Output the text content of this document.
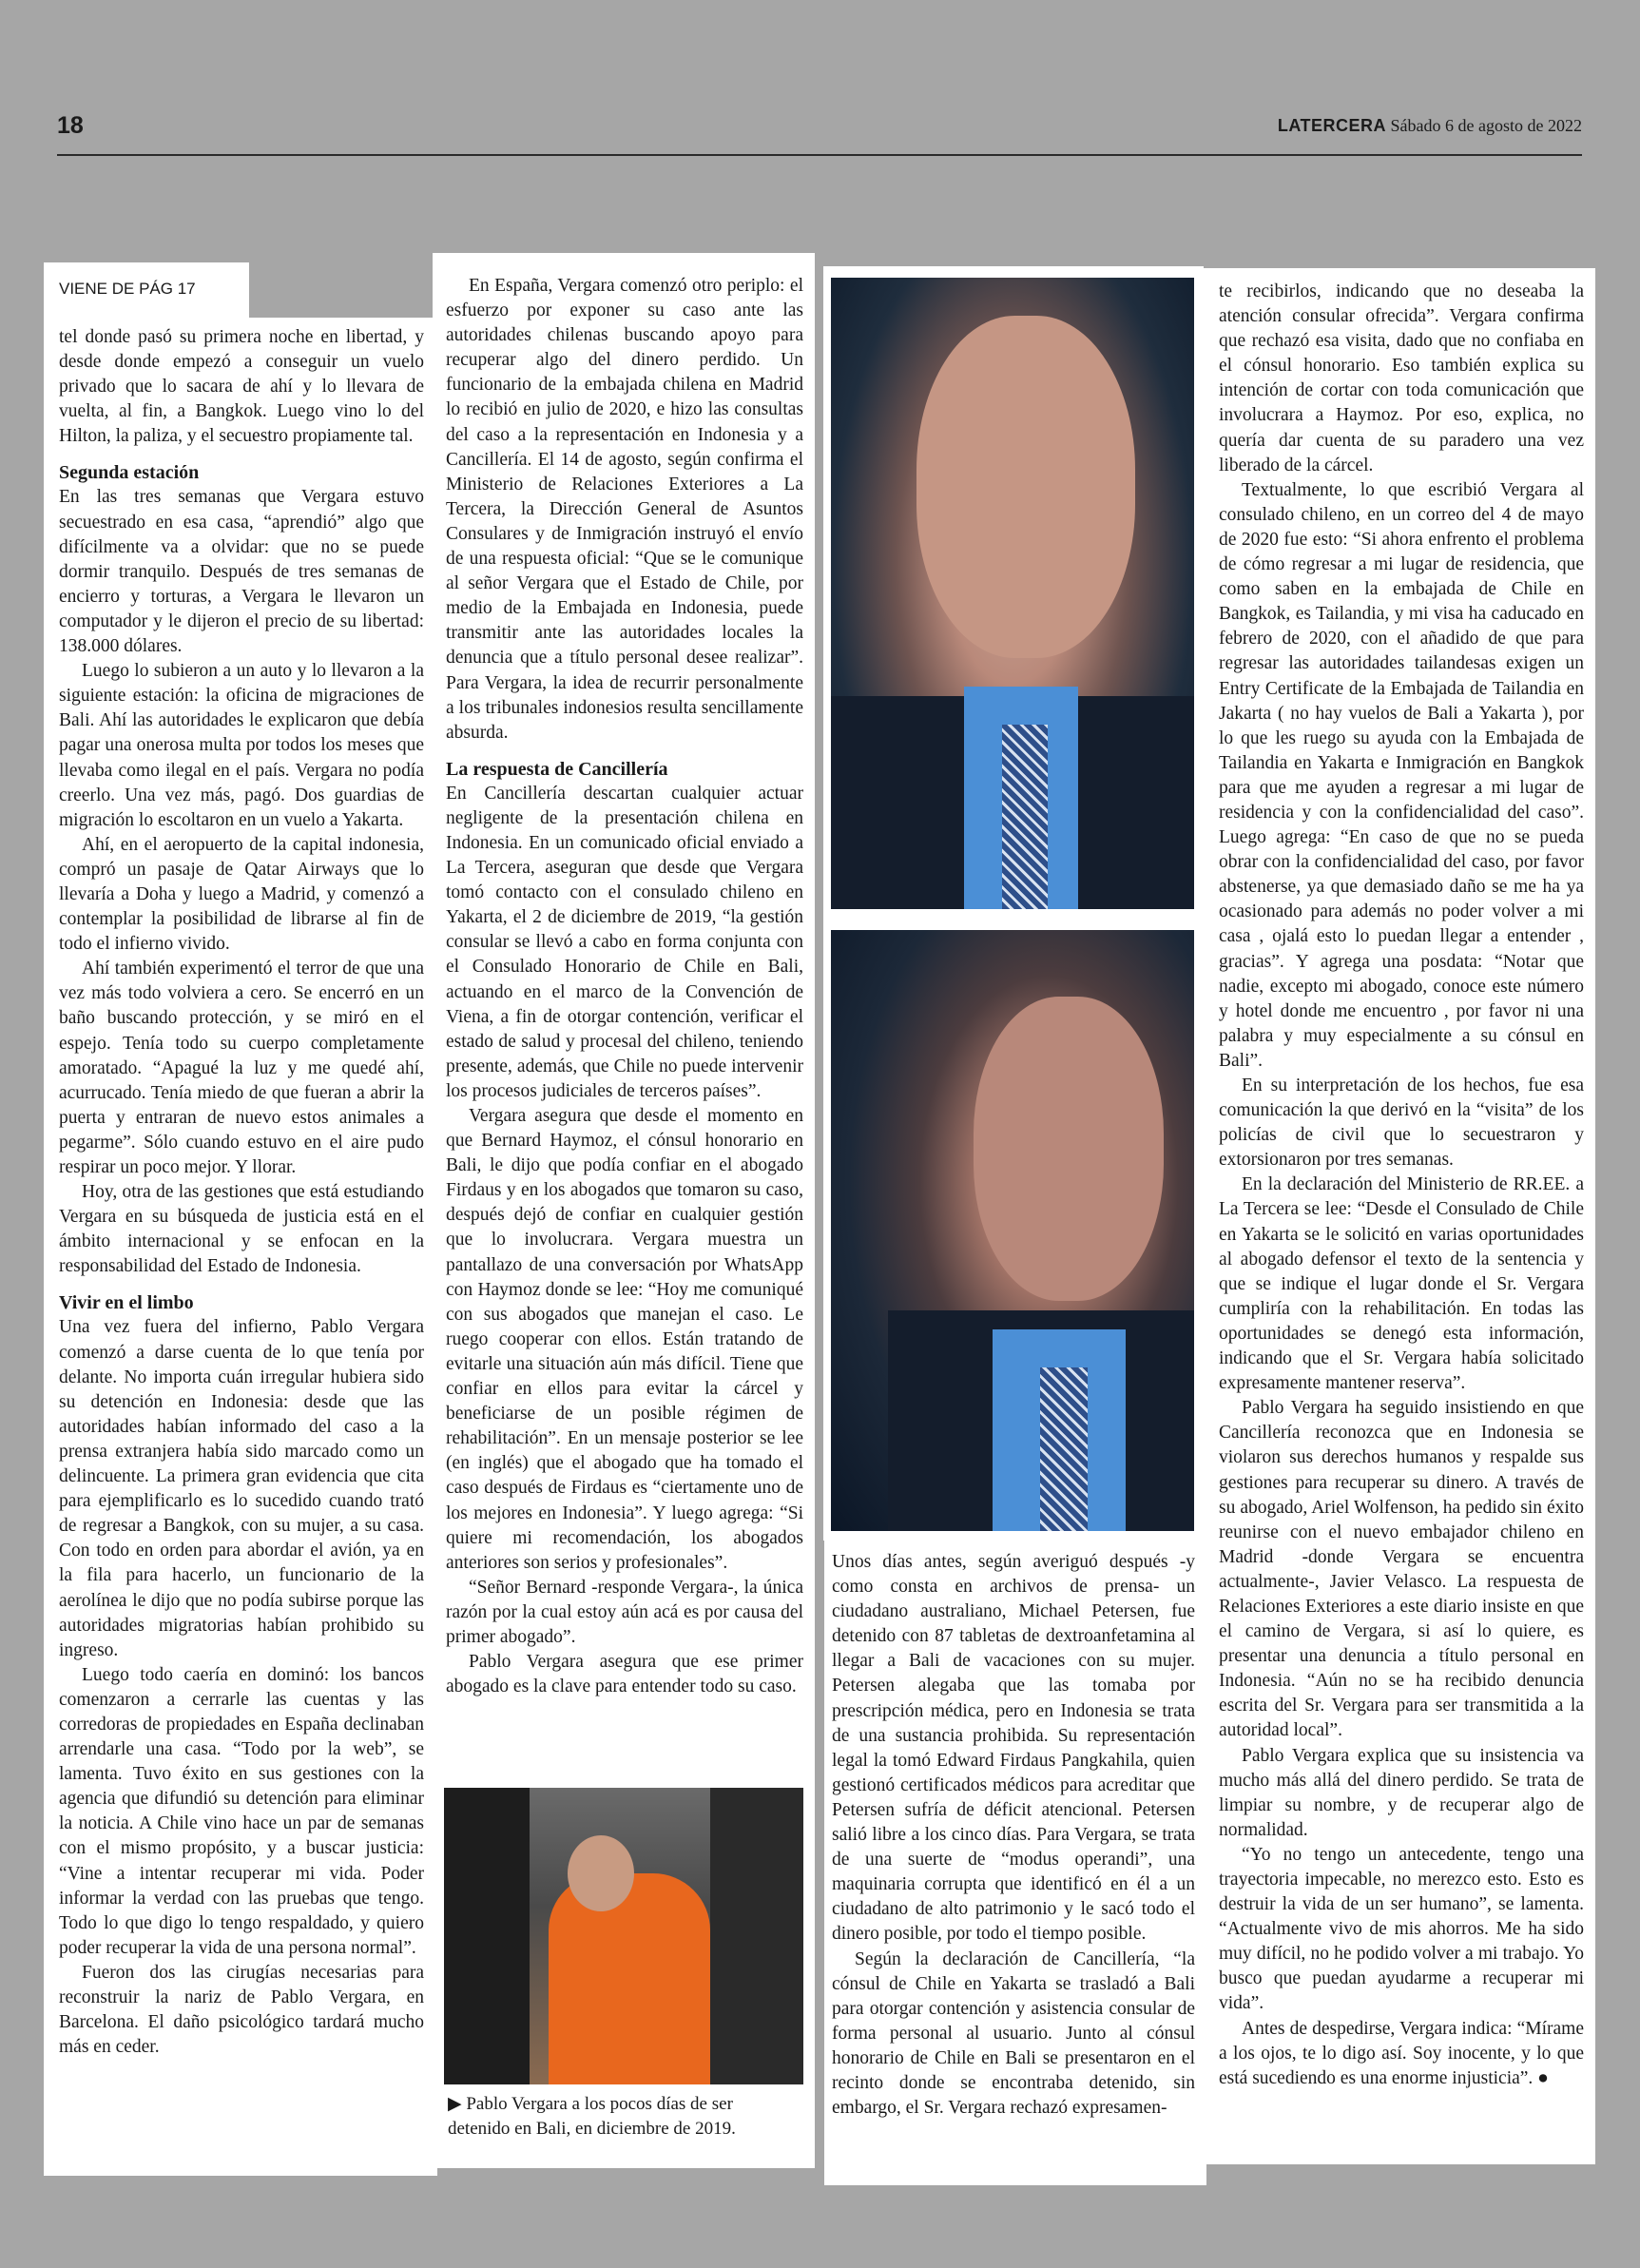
18	LATERCERA Sábado 6 de agosto de 2022

tel donde pasó su primera noche en libertad, y desde donde empezó a conseguir un vuelo privado que lo sacara de ahí y lo llevara de vuelta, al fin, a Bangkok. Luego vino lo del Hilton, la paliza, y el secuestro propiamente tal.

Segunda estación

En las tres semanas que Vergara estuvo secuestrado en esa casa, “aprendió” algo que difícilmente va a olvidar: que no se puede dormir tranquilo. Después de tres semanas de encierro y torturas, a Vergara le llevaron un computador y le dijeron el precio de su libertad: 138.000 dólares.

Luego lo subieron a un auto y lo llevaron a la siguiente estación: la oficina de migraciones de Bali. Ahí las autoridades le explicaron que debía pagar una onerosa multa por todos los meses que llevaba como ilegal en el país. Vergara no podía creerlo. Una vez más, pagó. Dos guardias de migración lo escoltaron en un vuelo a Yakarta.

Ahí, en el aeropuerto de la capital indonesia, compró un pasaje de Qatar Airways que lo llevaría a Doha y luego a Madrid, y comenzó a contemplar la posibilidad de librarse al fin de todo el infierno vivido.

Ahí también experimentó el terror de que una vez más todo volviera a cero. Se encerró en un baño buscando protección, y se miró en el espejo. Tenía todo su cuerpo completamente amoratado. “Apagué la luz y me quedé ahí, acurrucado. Tenía miedo de que fueran a abrir la puerta y entraran de nuevo estos animales a pegarme”. Sólo cuando estuvo en el aire pudo respirar un poco mejor. Y llorar.

Hoy, otra de las gestiones que está estudiando Vergara en su búsqueda de justicia está en el ámbito internacional y se enfocan en la responsabilidad del Estado de Indonesia.

Vivir en el limbo

Una vez fuera del infierno, Pablo Vergara comenzó a darse cuenta de lo que tenía por delante. No importa cuán irregular hubiera sido su detención en Indonesia: desde que las autoridades habían informado del caso a la prensa extranjera había sido marcado como un delincuente. La primera gran evidencia que cita para ejemplificarlo es lo sucedido cuando trató de regresar a Bangkok, con su mujer, a su casa. Con todo en orden para abordar el avión, ya en la fila para hacerlo, un funcionario de la aerolínea le dijo que no podía subirse porque las autoridades migratorias habían prohibido su ingreso.

Luego todo caería en dominó: los bancos comenzaron a cerrarle las cuentas y las corredoras de propiedades en España declinaban arrendarle una casa. “Todo por la web”, se lamenta. Tuvo éxito en sus gestiones con la agencia que difundió su detención para eliminar la noticia. A Chile vino hace un par de semanas con el mismo propósito, y a buscar justicia: “Vine a intentar recuperar mi vida. Poder informar la verdad con las pruebas que tengo. Todo lo que digo lo tengo respaldado, y quiero poder recuperar la vida de una persona normal”.

Fueron dos las cirugías necesarias para reconstruir la nariz de Pablo Vergara, en Barcelona. El daño psicológico tardará mucho más en ceder.

VIENE DE PÁG 17	En España, Vergara comenzó otro periplo: el esfuerzo por exponer su caso ante las autoridades chilenas buscando apoyo para recuperar algo del dinero perdido. Un funcionario de la embajada chilena en Madrid lo recibió en julio de 2020, e hizo las consultas del caso a la representación en Indonesia y a Cancillería. El 14 de agosto, según confirma el Ministerio de Relaciones Exteriores a La Tercera, la Dirección General de Asuntos Consulares y de Inmigración instruyó el envío de una respuesta oficial: “Que se le comunique al señor Vergara que el Estado de Chile, por medio de la Embajada en Indonesia, puede transmitir ante las autoridades locales la denuncia que a título personal desee realizar”. Para Vergara, la idea de recurrir personalmente a los tribunales indonesios resulta sencillamente absurda.

La respuesta de Cancillería

En Cancillería descartan cualquier actuar negligente de la presentación chilena en Indonesia. En un comunicado oficial enviado a La Tercera, aseguran que desde que Vergara tomó contacto con el consulado chileno en Yakarta, el 2 de diciembre de 2019, “la gestión consular se llevó a cabo en forma conjunta con el Consulado Honorario de Chile en Bali, actuando en el marco de la Convención de Viena, a fin de otorgar contención, verificar el estado de salud y procesal del chileno, teniendo presente, además, que Chile no puede intervenir los procesos judiciales de terceros países”.

Vergara asegura que desde el momento en que Bernard Haymoz, el cónsul honorario en Bali, le dijo que podía confiar en el abogado Firdaus y en los abogados que tomaron su caso, después dejó de confiar en cualquier gestión que lo involucrara. Vergara muestra un pantallazo de una conversación por WhatsApp con Haymoz donde se lee: “Hoy me comuniqué con sus abogados que manejan el caso. Le ruego cooperar con ellos. Están tratando de evitarle una situación aún más difícil. Tiene que confiar en ellos para evitar la cárcel y beneficiarse de un posible régimen de rehabilitación”. En un mensaje posterior se lee (en inglés) que el abogado que ha tomado el caso después de Firdaus es “ciertamente uno de los mejores en Indonesia”. Y luego agrega: “Si quiere mi recomendación, los abogados anteriores son serios y profesionales”.

“Señor Bernard -responde Vergara-, la única razón por la cual estoy aún acá es por causa del primer abogado”.

Pablo Vergara asegura que ese primer abogado es la clave para entender todo su caso.

▶ Pablo Vergara a los pocos días de ser detenido en Bali, en diciembre de 2019.

Unos días antes, según averiguó después -y como consta en archivos de prensa- un ciudadano australiano, Michael Petersen, fue detenido con 87 tabletas de dextroanfetamina al llegar a Bali de vacaciones con su mujer. Petersen alegaba que las tomaba por prescripción médica, pero en Indonesia se trata de una sustancia prohibida. Su representación legal la tomó Edward Firdaus Pangkahila, quien gestionó certificados médicos para acreditar que Petersen sufría de déficit atencional. Petersen salió libre a los cinco días. Para Vergara, se trata de una suerte de “modus operandi”, una maquinaria corrupta que identificó en él a un ciudadano de alto patrimonio y le sacó todo el dinero posible, por todo el tiempo posible.

Según la declaración de Cancillería, “la cónsul de Chile en Yakarta se trasladó a Bali para otorgar contención y asistencia consular de forma personal al usuario. Junto al cónsul honorario de Chile en Bali se presentaron en el recinto donde se encontraba detenido, sin embargo, el Sr. Vergara rechazó expresamen-

te recibirlos, indicando que no deseaba la atención consular ofrecida”. Vergara confirma que rechazó esa visita, dado que no confiaba en el cónsul honorario. Eso también explica su intención de cortar con toda comunicación que involucrara a Haymoz. Por eso, explica, no quería dar cuenta de su paradero una vez liberado de la cárcel.

Textualmente, lo que escribió Vergara al consulado chileno, en un correo del 4 de mayo de 2020 fue esto: “Si ahora enfrento el problema de cómo regresar a mi lugar de residencia, que como saben en la embajada de Chile en Bangkok, es Tailandia, y mi visa ha caducado en febrero de 2020, con el añadido de que para regresar las autoridades tailandesas exigen un Entry Certificate de la Embajada de Tailandia en Jakarta ( no hay vuelos de Bali a Yakarta ), por lo que les ruego su ayuda con la Embajada de Tailandia en Yakarta e Inmigración en Bangkok para que me ayuden a regresar a mi lugar de residencia y con la confidencialidad del caso”. Luego agrega: “En caso de que no se pueda obrar con la confidencialidad del caso, por favor abstenerse, ya que demasiado daño se me ha ya ocasionado para además no poder volver a mi casa , ojalá esto lo puedan llegar a entender , gracias”. Y agrega una posdata: “Notar que nadie, excepto mi abogado, conoce este número y hotel donde me encuentro , por favor ni una palabra y muy especialmente a su cónsul en Bali”.

En su interpretación de los hechos, fue esa comunicación la que derivó en la “visita” de los policías de civil que lo secuestraron y extorsionaron por tres semanas.

En la declaración del Ministerio de RR.EE. a La Tercera se lee: “Desde el Consulado de Chile en Yakarta se le solicitó en varias oportunidades al abogado defensor el texto de la sentencia y que se indique el lugar donde el Sr. Vergara cumpliría con la rehabilitación. En todas las oportunidades se denegó esta información, indicando que el Sr. Vergara había solicitado expresamente mantener reserva”.

Pablo Vergara ha seguido insistiendo en que Cancillería reconozca que en Indonesia se violaron sus derechos humanos y respalde sus gestiones para recuperar su dinero. A través de su abogado, Ariel Wolfenson, ha pedido sin éxito reunirse con el nuevo embajador chileno en Madrid -donde Vergara se encuentra actualmente-, Javier Velasco. La respuesta de Relaciones Exteriores a este diario insiste en que el camino de Vergara, si así lo quiere, es presentar una denuncia a título personal en Indonesia. “Aún no se ha recibido denuncia escrita del Sr. Vergara para ser transmitida a la autoridad local”.

Pablo Vergara explica que su insistencia va mucho más allá del dinero perdido. Se trata de limpiar su nombre, y de recuperar algo de normalidad.

“Yo no tengo un antecedente, tengo una trayectoria impecable, no merezco esto. Esto es destruir la vida de un ser humano”, se lamenta. “Actualmente vivo de mis ahorros. Me ha sido muy difícil, no he podido volver a mi trabajo. Yo busco que puedan ayudarme a recuperar mi vida”.

Antes de despedirse, Vergara indica: “Mírame a los ojos, te lo digo así. Soy inocente, y lo que está sucediendo es una enorme injusticia”. ●
